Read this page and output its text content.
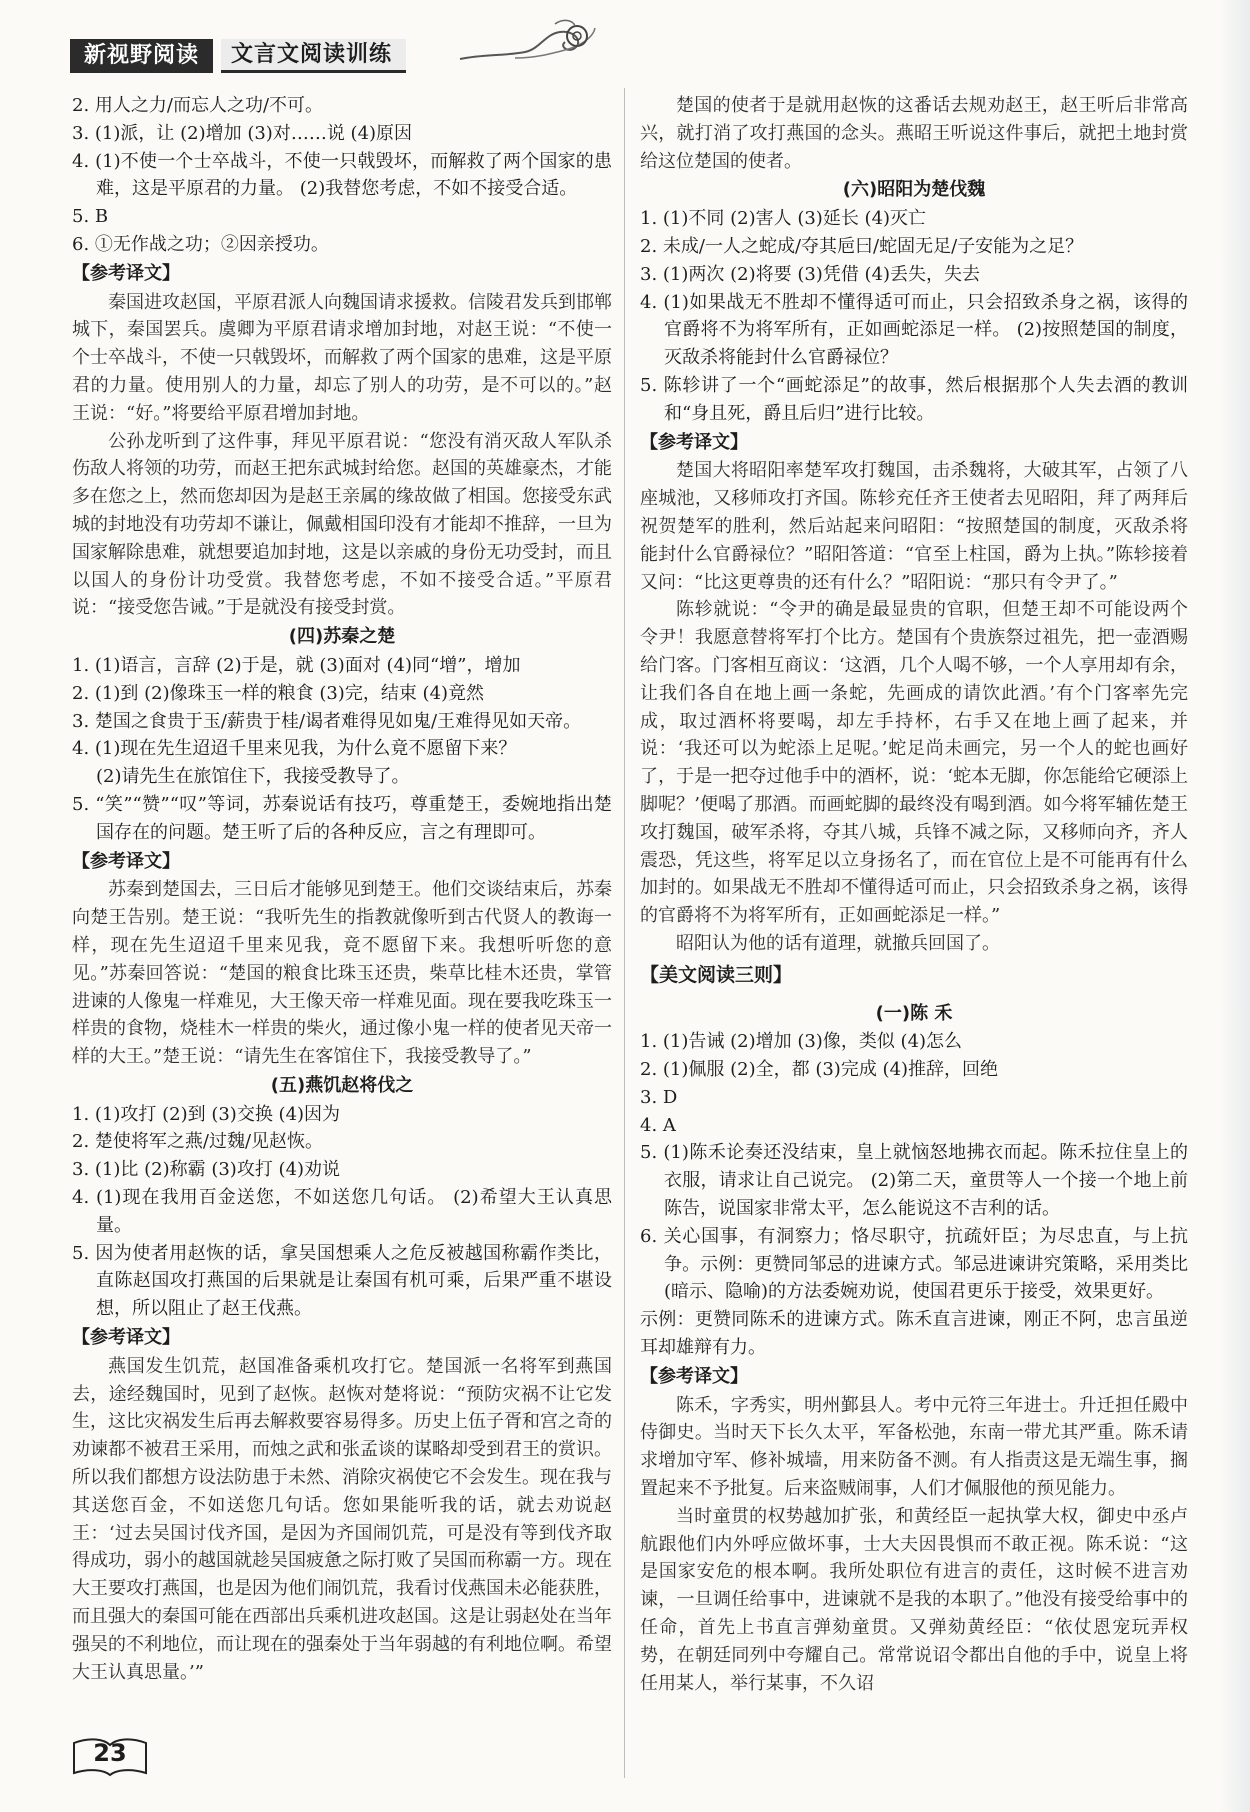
新视野阅读	文言文阅读训练

2. 用人之力/而忘人之功/不可。

3. (1)派，让 (2)增加 (3)对……说 (4)原因

4. (1)不使一个士卒战斗，不使一只戟毁坏，而解救了两个国家的患难，这是平原君的力量。 (2)我替您考虑，不如不接受合适。

5. B

6. ①无作战之功；②因亲授功。

【参考译文】

秦国进攻赵国，平原君派人向魏国请求援救。信陵君发兵到邯郸城下，秦国罢兵。虞卿为平原君请求增加封地，对赵王说：“不使一个士卒战斗，不使一只戟毁坏，而解救了两个国家的患难，这是平原君的力量。使用别人的力量，却忘了别人的功劳，是不可以的。”赵王说：“好。”将要给平原君增加封地。

公孙龙听到了这件事，拜见平原君说：“您没有消灭敌人军队杀伤敌人将领的功劳，而赵王把东武城封给您。赵国的英雄豪杰，才能多在您之上，然而您却因为是赵王亲属的缘故做了相国。您接受东武城的封地没有功劳却不谦让，佩戴相国印没有才能却不推辞，一旦为国家解除患难，就想要追加封地，这是以亲戚的身份无功受封，而且以国人的身份计功受赏。我替您考虑，不如不接受合适。”平原君说：“接受您告诫。”于是就没有接受封赏。

(四)苏秦之楚

1. (1)语言，言辞 (2)于是，就 (3)面对 (4)同“增”，增加

2. (1)到 (2)像珠玉一样的粮食 (3)完，结束 (4)竟然

3. 楚国之食贵于玉/薪贵于桂/谒者难得见如鬼/王难得见如天帝。

4. (1)现在先生迢迢千里来见我，为什么竟不愿留下来？

(2)请先生在旅馆住下，我接受教导了。

5. “笑”“赞”“叹”等词，苏秦说话有技巧，尊重楚王，委婉地指出楚国存在的问题。楚王听了后的各种反应，言之有理即可。

【参考译文】

苏秦到楚国去，三日后才能够见到楚王。他们交谈结束后，苏秦向楚王告别。楚王说：“我听先生的指教就像听到古代贤人的教诲一样，现在先生迢迢千里来见我，竟不愿留下来。我想听听您的意见。”苏秦回答说：“楚国的粮食比珠玉还贵，柴草比桂木还贵，掌管进谏的人像鬼一样难见，大王像天帝一样难见面。现在要我吃珠玉一样贵的食物，烧桂木一样贵的柴火，通过像小鬼一样的使者见天帝一样的大王。”楚王说：“请先生在客馆住下，我接受教导了。”

(五)燕饥赵将伐之

1. (1)攻打 (2)到 (3)交换 (4)因为

2. 楚使将军之燕/过魏/见赵恢。

3. (1)比 (2)称霸 (3)攻打 (4)劝说

4. (1)现在我用百金送您，不如送您几句话。 (2)希望大王认真思量。

5. 因为使者用赵恢的话，拿吴国想乘人之危反被越国称霸作类比，直陈赵国攻打燕国的后果就是让秦国有机可乘，后果严重不堪设想，所以阻止了赵王伐燕。

【参考译文】

燕国发生饥荒，赵国准备乘机攻打它。楚国派一名将军到燕国去，途经魏国时，见到了赵恢。赵恢对楚将说：“预防灾祸不让它发生，这比灾祸发生后再去解救要容易得多。历史上伍子胥和宫之奇的劝谏都不被君王采用，而烛之武和张孟谈的谋略却受到君王的赏识。所以我们都想方设法防患于未然、消除灾祸使它不会发生。现在我与其送您百金，不如送您几句话。您如果能听我的话，就去劝说赵王：‘过去吴国讨伐齐国，是因为齐国闹饥荒，可是没有等到伐齐取得成功，弱小的越国就趁吴国疲惫之际打败了吴国而称霸一方。现在大王要攻打燕国，也是因为他们闹饥荒，我看讨伐燕国未必能获胜，而且强大的秦国可能在西部出兵乘机进攻赵国。这是让弱赵处在当年强吴的不利地位，而让现在的强秦处于当年弱越的有利地位啊。希望大王认真思量。’”

楚国的使者于是就用赵恢的这番话去规劝赵王，赵王听后非常高兴，就打消了攻打燕国的念头。燕昭王听说这件事后，就把土地封赏给这位楚国的使者。

(六)昭阳为楚伐魏

1. (1)不同 (2)害人 (3)延长 (4)灭亡

2. 未成/一人之蛇成/夺其巵曰/蛇固无足/子安能为之足？

3. (1)两次 (2)将要 (3)凭借 (4)丢失，失去

4. (1)如果战无不胜却不懂得适可而止，只会招致杀身之祸，该得的官爵将不为将军所有，正如画蛇添足一样。 (2)按照楚国的制度，灭敌杀将能封什么官爵禄位？

5. 陈轸讲了一个“画蛇添足”的故事，然后根据那个人失去酒的教训和“身且死，爵且后归”进行比较。

【参考译文】

楚国大将昭阳率楚军攻打魏国，击杀魏将，大破其军，占领了八座城池，又移师攻打齐国。陈轸充任齐王使者去见昭阳，拜了两拜后祝贺楚军的胜利，然后站起来问昭阳：“按照楚国的制度，灭敌杀将能封什么官爵禄位？”昭阳答道：“官至上柱国，爵为上执。”陈轸接着又问：“比这更尊贵的还有什么？”昭阳说：“那只有令尹了。”

陈轸就说：“令尹的确是最显贵的官职，但楚王却不可能设两个令尹！我愿意替将军打个比方。楚国有个贵族祭过祖先，把一壶酒赐给门客。门客相互商议：‘这酒，几个人喝不够，一个人享用却有余，让我们各自在地上画一条蛇，先画成的请饮此酒。’有个门客率先完成，取过酒杯将要喝，却左手持杯，右手又在地上画了起来，并说：‘我还可以为蛇添上足呢。’蛇足尚未画完，另一个人的蛇也画好了，于是一把夺过他手中的酒杯，说：‘蛇本无脚，你怎能给它硬添上脚呢？’便喝了那酒。而画蛇脚的最终没有喝到酒。如今将军辅佐楚王攻打魏国，破军杀将，夺其八城，兵锋不减之际，又移师向齐，齐人震恐，凭这些，将军足以立身扬名了，而在官位上是不可能再有什么加封的。如果战无不胜却不懂得适可而止，只会招致杀身之祸，该得的官爵将不为将军所有，正如画蛇添足一样。”

昭阳认为他的话有道理，就撤兵回国了。

【美文阅读三则】

(一)陈 禾

1. (1)告诫 (2)增加 (3)像，类似 (4)怎么

2. (1)佩服 (2)全，都 (3)完成 (4)推辞，回绝

3. D

4. A

5. (1)陈禾论奏还没结束，皇上就恼怒地拂衣而起。陈禾拉住皇上的衣服，请求让自己说完。 (2)第二天，童贯等人一个接一个地上前陈告，说国家非常太平，怎么能说这不吉利的话。

6. 关心国事，有洞察力；恪尽职守，抗疏奸臣；为尽忠直，与上抗争。示例：更赞同邹忌的进谏方式。邹忌进谏讲究策略，采用类比(暗示、隐喻)的方法委婉劝说，使国君更乐于接受，效果更好。

示例：更赞同陈禾的进谏方式。陈禾直言进谏，刚正不阿，忠言虽逆耳却雄辩有力。

【参考译文】

陈禾，字秀实，明州鄞县人。考中元符三年进士。升迁担任殿中侍御史。当时天下长久太平，军备松弛，东南一带尤其严重。陈禾请求增加守军、修补城墙，用来防备不测。有人指责这是无端生事，搁置起来不予批复。后来盗贼闹事，人们才佩服他的预见能力。

当时童贯的权势越加扩张，和黄经臣一起执掌大权，御史中丞卢航跟他们内外呼应做坏事，士大夫因畏惧而不敢正视。陈禾说：“这是国家安危的根本啊。我所处职位有进言的责任，这时候不进言劝谏，一旦调任给事中，进谏就不是我的本职了。”他没有接受给事中的任命，首先上书直言弹劾童贯。又弹劾黄经臣：“依仗恩宠玩弄权势，在朝廷同列中夸耀自己。常常说诏令都出自他的手中，说皇上将任用某人，举行某事，不久诏

23
